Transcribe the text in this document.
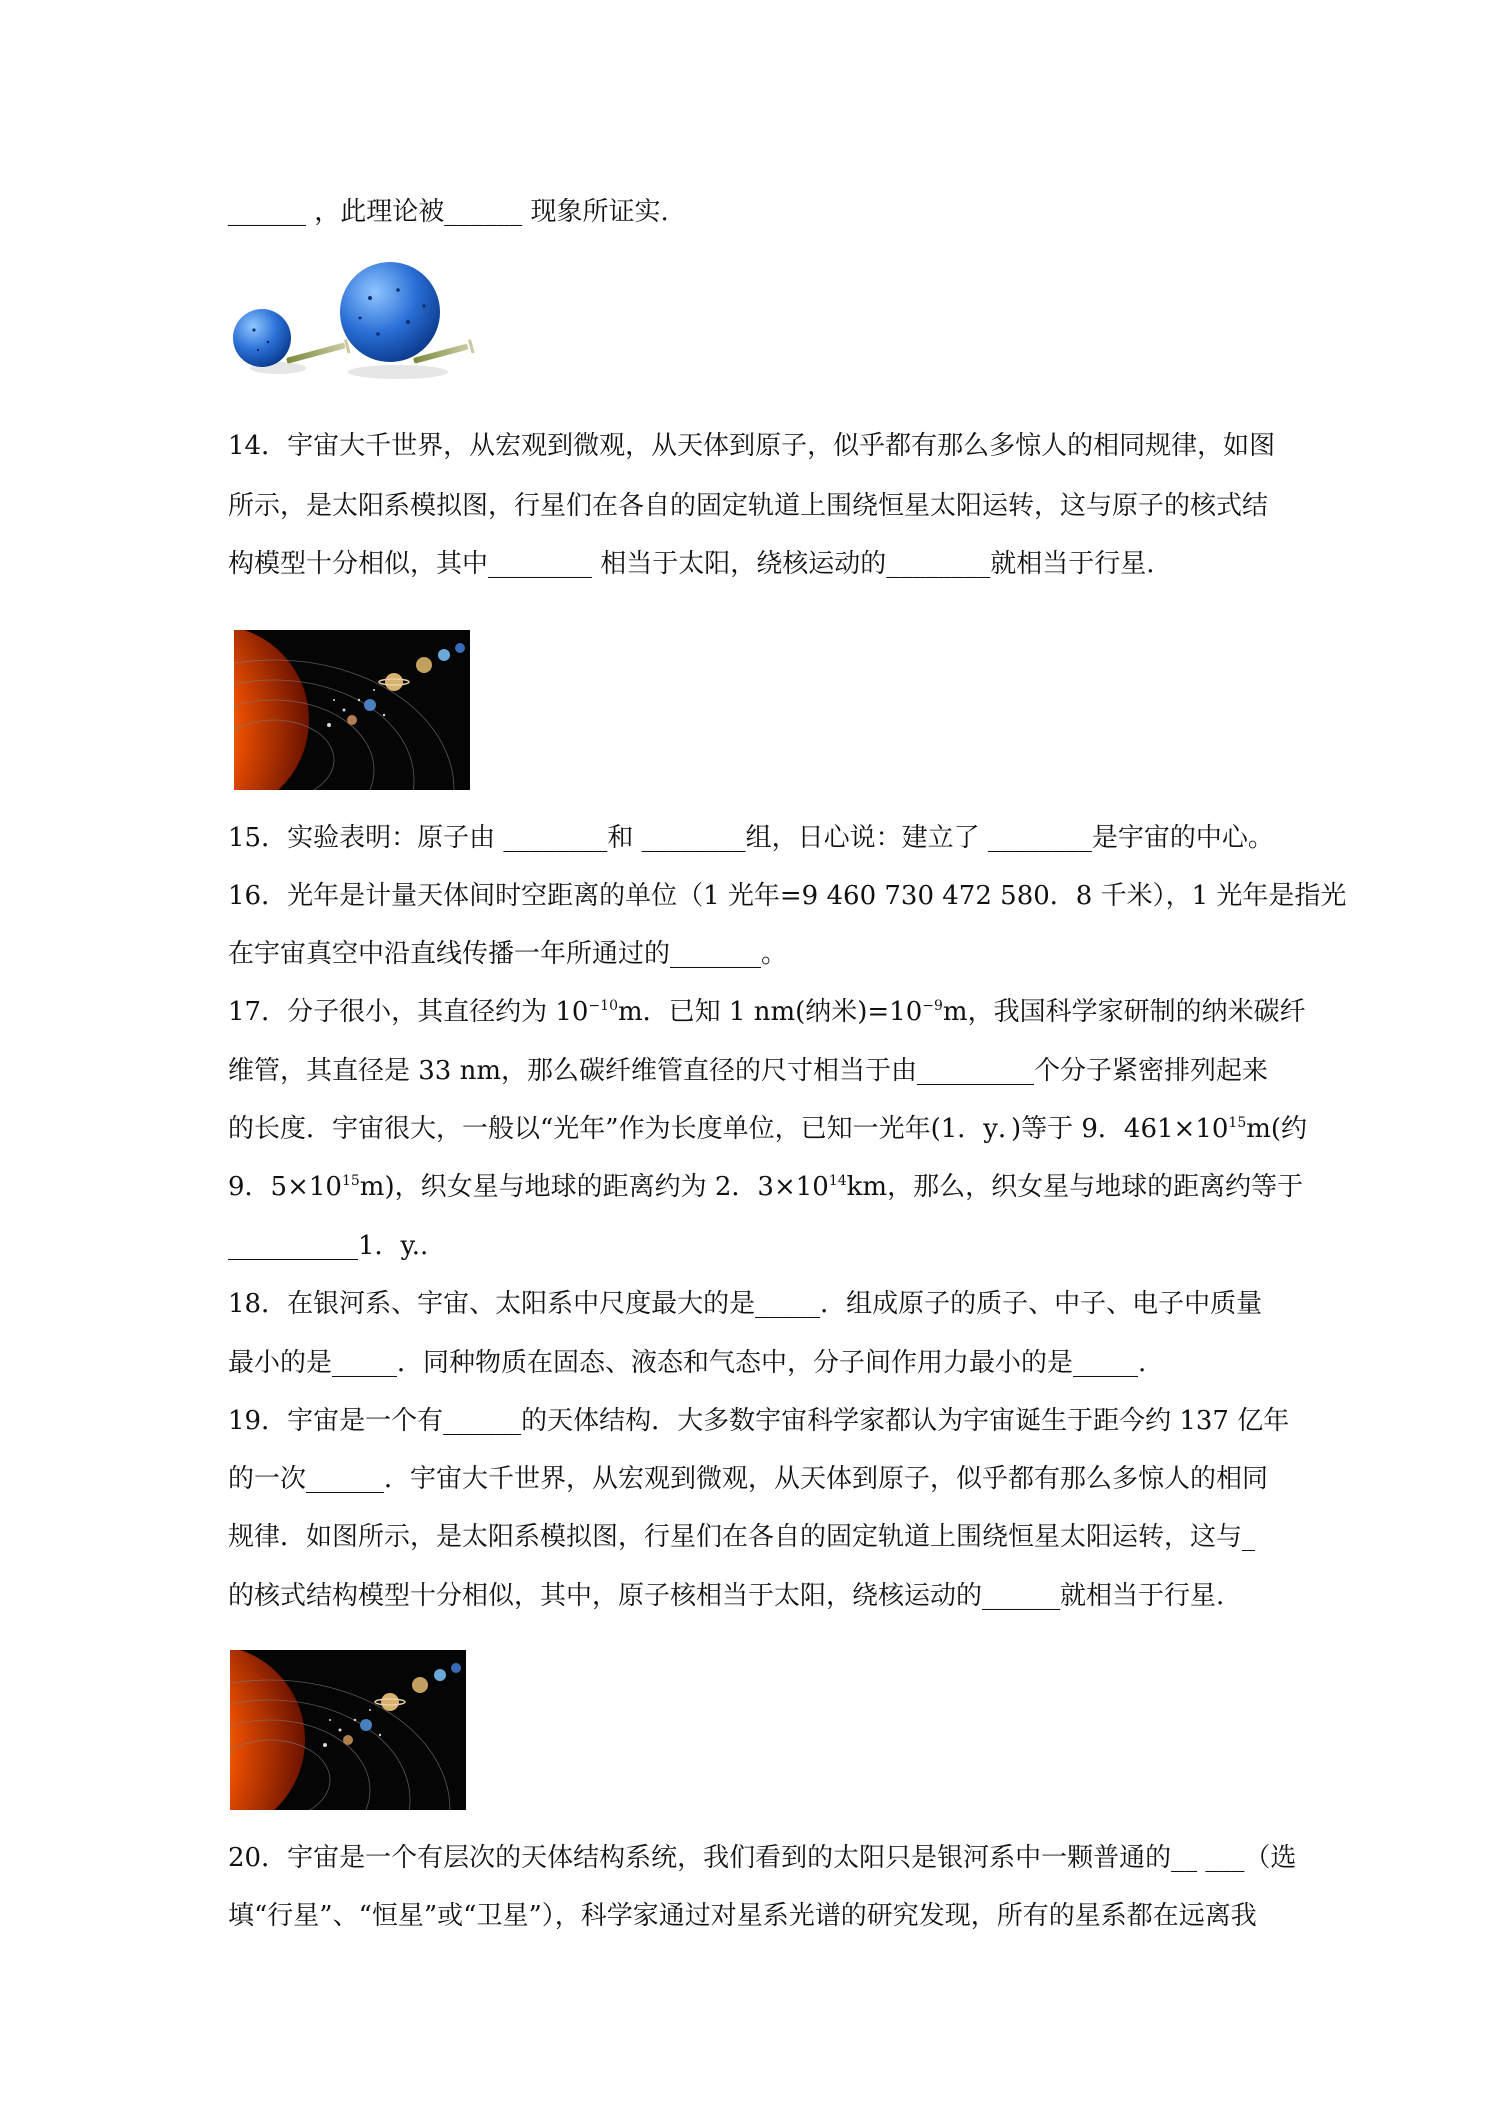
______ ，此理论被______ 现象所证实.
14．宇宙大千世界，从宏观到微观，从天体到原子，似乎都有那么多惊人的相同规律，如图
所示，是太阳系模拟图，行星们在各自的固定轨道上围绕恒星太阳运转，这与原子的核式结
构模型十分相似，其中________ 相当于太阳，绕核运动的________就相当于行星.
15．实验表明：原子由 ________和 ________组，日心说：建立了 ________是宇宙的中心。
16．光年是计量天体间时空距离的单位（1 光年=9 460 730 472 580．8 千米），1 光年是指光
在宇宙真空中沿直线传播一年所通过的_______。
17．分子很小，其直径约为 $10^{-10}m$．已知 1 nm(纳米)$=10^{-9}m$，我国科学家研制的纳米碳纤
维管，其直径是 33 nm，那么碳纤维管直径的尺寸相当于由_________个分子紧密排列起来
的长度．宇宙很大，一般以“光年”作为长度单位，已知一光年(1．y．)等于 9．$461\times 10^{15}m$(约
9．$5\times 10^{15}m$)，织女星与地球的距离约为 2．$3\times 10^{14}km$，那么，织女星与地球的距离约等于
__________1．y..
18．在银河系、宇宙、太阳系中尺度最大的是_____．组成原子的质子、中子、电子中质量
最小的是_____．同种物质在固态、液态和气态中，分子间作用力最小的是_____.
19．宇宙是一个有______的天体结构．大多数宇宙科学家都认为宇宙诞生于距今约 137 亿年
的一次______．宇宙大千世界，从宏观到微观，从天体到原子，似乎都有那么多惊人的相同
规律．如图所示，是太阳系模拟图，行星们在各自的固定轨道上围绕恒星太阳运转，这与_
的核式结构模型十分相似，其中，原子核相当于太阳，绕核运动的______就相当于行星.
20．宇宙是一个有层次的天体结构系统，我们看到的太阳只是银河系中一颗普通的__ ___（选
填“行星”、“恒星”或“卫星”），科学家通过对星系光谱的研究发现，所有的星系都在远离我
